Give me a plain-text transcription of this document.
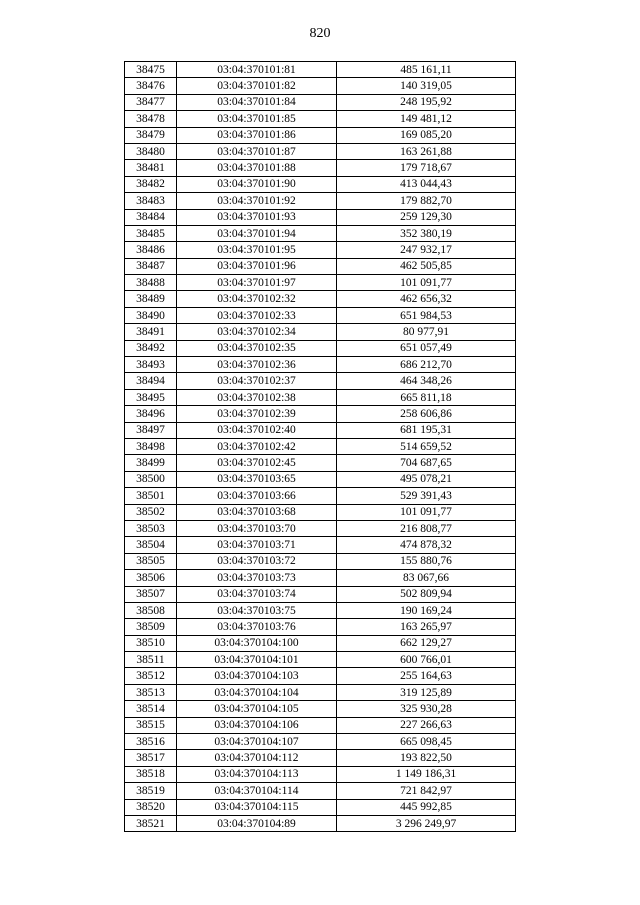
820
38475	03:04:370101:81	485 161,11
38476	03:04:370101:82	140 319,05
38477	03:04:370101:84	248 195,92
38478	03:04:370101:85	149 481,12
38479	03:04:370101:86	169 085,20
38480	03:04:370101:87	163 261,88
38481	03:04:370101:88	179 718,67
38482	03:04:370101:90	413 044,43
38483	03:04:370101:92	179 882,70
38484	03:04:370101:93	259 129,30
38485	03:04:370101:94	352 380,19
38486	03:04:370101:95	247 932,17
38487	03:04:370101:96	462 505,85
38488	03:04:370101:97	101 091,77
38489	03:04:370102:32	462 656,32
38490	03:04:370102:33	651 984,53
38491	03:04:370102:34	80 977,91
38492	03:04:370102:35	651 057,49
38493	03:04:370102:36	686 212,70
38494	03:04:370102:37	464 348,26
38495	03:04:370102:38	665 811,18
38496	03:04:370102:39	258 606,86
38497	03:04:370102:40	681 195,31
38498	03:04:370102:42	514 659,52
38499	03:04:370102:45	704 687,65
38500	03:04:370103:65	495 078,21
38501	03:04:370103:66	529 391,43
38502	03:04:370103:68	101 091,77
38503	03:04:370103:70	216 808,77
38504	03:04:370103:71	474 878,32
38505	03:04:370103:72	155 880,76
38506	03:04:370103:73	83 067,66
38507	03:04:370103:74	502 809,94
38508	03:04:370103:75	190 169,24
38509	03:04:370103:76	163 265,97
38510	03:04:370104:100	662 129,27
38511	03:04:370104:101	600 766,01
38512	03:04:370104:103	255 164,63
38513	03:04:370104:104	319 125,89
38514	03:04:370104:105	325 930,28
38515	03:04:370104:106	227 266,63
38516	03:04:370104:107	665 098,45
38517	03:04:370104:112	193 822,50
38518	03:04:370104:113	1 149 186,31
38519	03:04:370104:114	721 842,97
38520	03:04:370104:115	445 992,85
38521	03:04:370104:89	3 296 249,97
